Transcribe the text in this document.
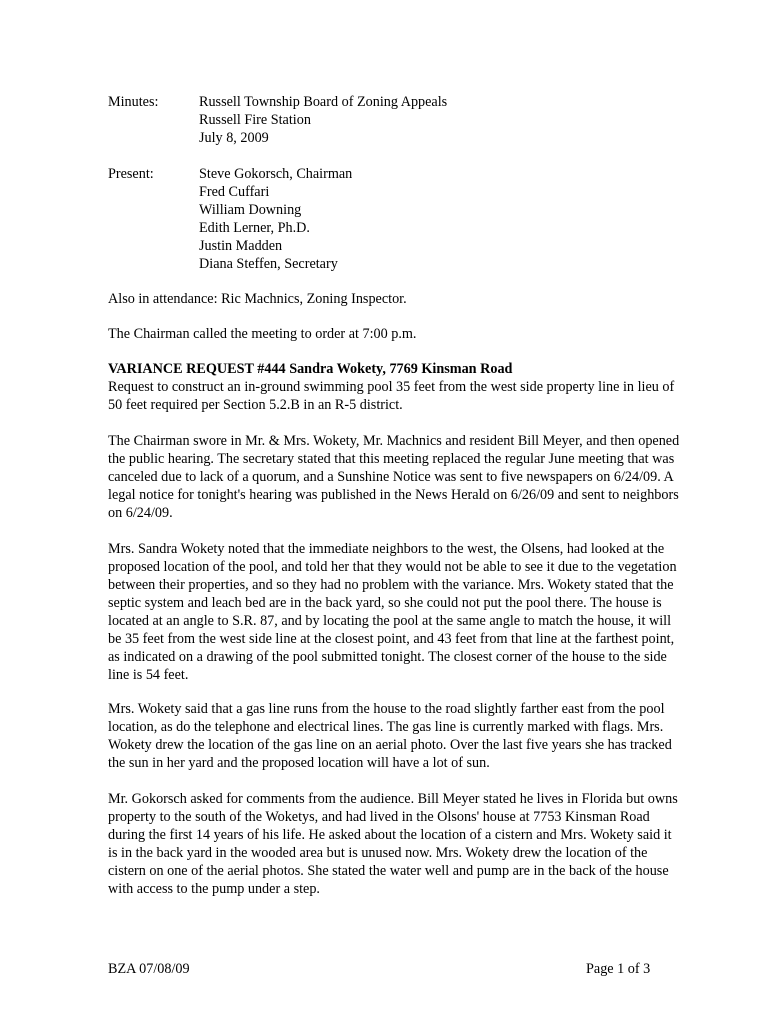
Minutes:	Russell Township Board of Zoning Appeals
Russell Fire Station
July 8, 2009
Present:	Steve Gokorsch, Chairman
Fred Cuffari
William Downing
Edith Lerner, Ph.D.
Justin Madden
Diana Steffen, Secretary

Also in attendance: Ric Machnics, Zoning Inspector.

The Chairman called the meeting to order at 7:00 p.m.

VARIANCE REQUEST #444 Sandra Wokety, 7769 Kinsman Road

Request to construct an in-ground swimming pool 35 feet from the west side property line in lieu of 50 feet required per Section 5.2.B in an R-5 district.

The Chairman swore in Mr. & Mrs. Wokety, Mr. Machnics and resident Bill Meyer, and then opened the public hearing. The secretary stated that this meeting replaced the regular June meeting that was canceled due to lack of a quorum, and a Sunshine Notice was sent to five newspapers on 6/24/09. A legal notice for tonight's hearing was published in the News Herald on 6/26/09 and sent to neighbors on 6/24/09.

Mrs. Sandra Wokety noted that the immediate neighbors to the west, the Olsens, had looked at the proposed location of the pool, and told her that they would not be able to see it due to the vegetation between their properties, and so they had no problem with the variance. Mrs. Wokety stated that the septic system and leach bed are in the back yard, so she could not put the pool there. The house is located at an angle to S.R. 87, and by locating the pool at the same angle to match the house, it will be 35 feet from the west side line at the closest point, and 43 feet from that line at the farthest point, as indicated on a drawing of the pool submitted tonight. The closest corner of the house to the side line is 54 feet.

Mrs. Wokety said that a gas line runs from the house to the road slightly farther east from the pool location, as do the telephone and electrical lines. The gas line is currently marked with flags. Mrs. Wokety drew the location of the gas line on an aerial photo. Over the last five years she has tracked the sun in her yard and the proposed location will have a lot of sun.

Mr. Gokorsch asked for comments from the audience. Bill Meyer stated he lives in Florida but owns property to the south of the Woketys, and had lived in the Olsons' house at 7753 Kinsman Road during the first 14 years of his life. He asked about the location of a cistern and Mrs. Wokety said it is in the back yard in the wooded area but is unused now. Mrs. Wokety drew the location of the cistern on one of the aerial photos. She stated the water well and pump are in the back of the house with access to the pump under a step.

BZA 07/08/09	Page 1 of 3
